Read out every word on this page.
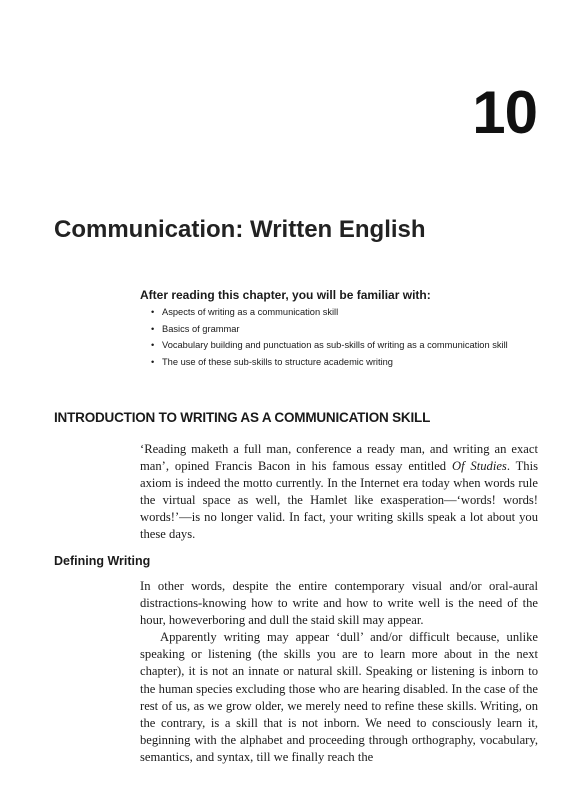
10
Communication: Written English
After reading this chapter, you will be familiar with:
• Aspects of writing as a communication skill
• Basics of grammar
• Vocabulary building and punctuation as sub-skills of writing as a communication skill
• The use of these sub-skills to structure academic writing
INTRODUCTION TO WRITING AS A COMMUNICATION SKILL

‘Reading maketh a full man, conference a ready man, and writing an exact man’, opined Francis Bacon in his famous essay entitled Of Studies. This axiom is indeed the motto currently. In the Internet era today when words rule the virtual space as well, the Hamlet like exasperation—‘words! words! words!’—is no longer valid. In fact, your writing skills speak a lot about you these days.

Defining Writing

In other words, despite the entire contemporary visual and/or oral-aural distractions-knowing how to write and how to write well is the need of the hour, howeverboring and dull the staid skill may appear.

Apparently writing may appear ‘dull’ and/or difficult because, unlike speaking or listening (the skills you are to learn more about in the next chapter), it is not an innate or natural skill. Speaking or listening is inborn to the human species excluding those who are hearing disabled. In the case of the rest of us, as we grow older, we merely need to refine these skills. Writing, on the contrary, is a skill that is not inborn. We need to consciously learn it, beginning with the alphabet and proceeding through orthography, vocabulary, semantics, and syntax, till we finally reach the
